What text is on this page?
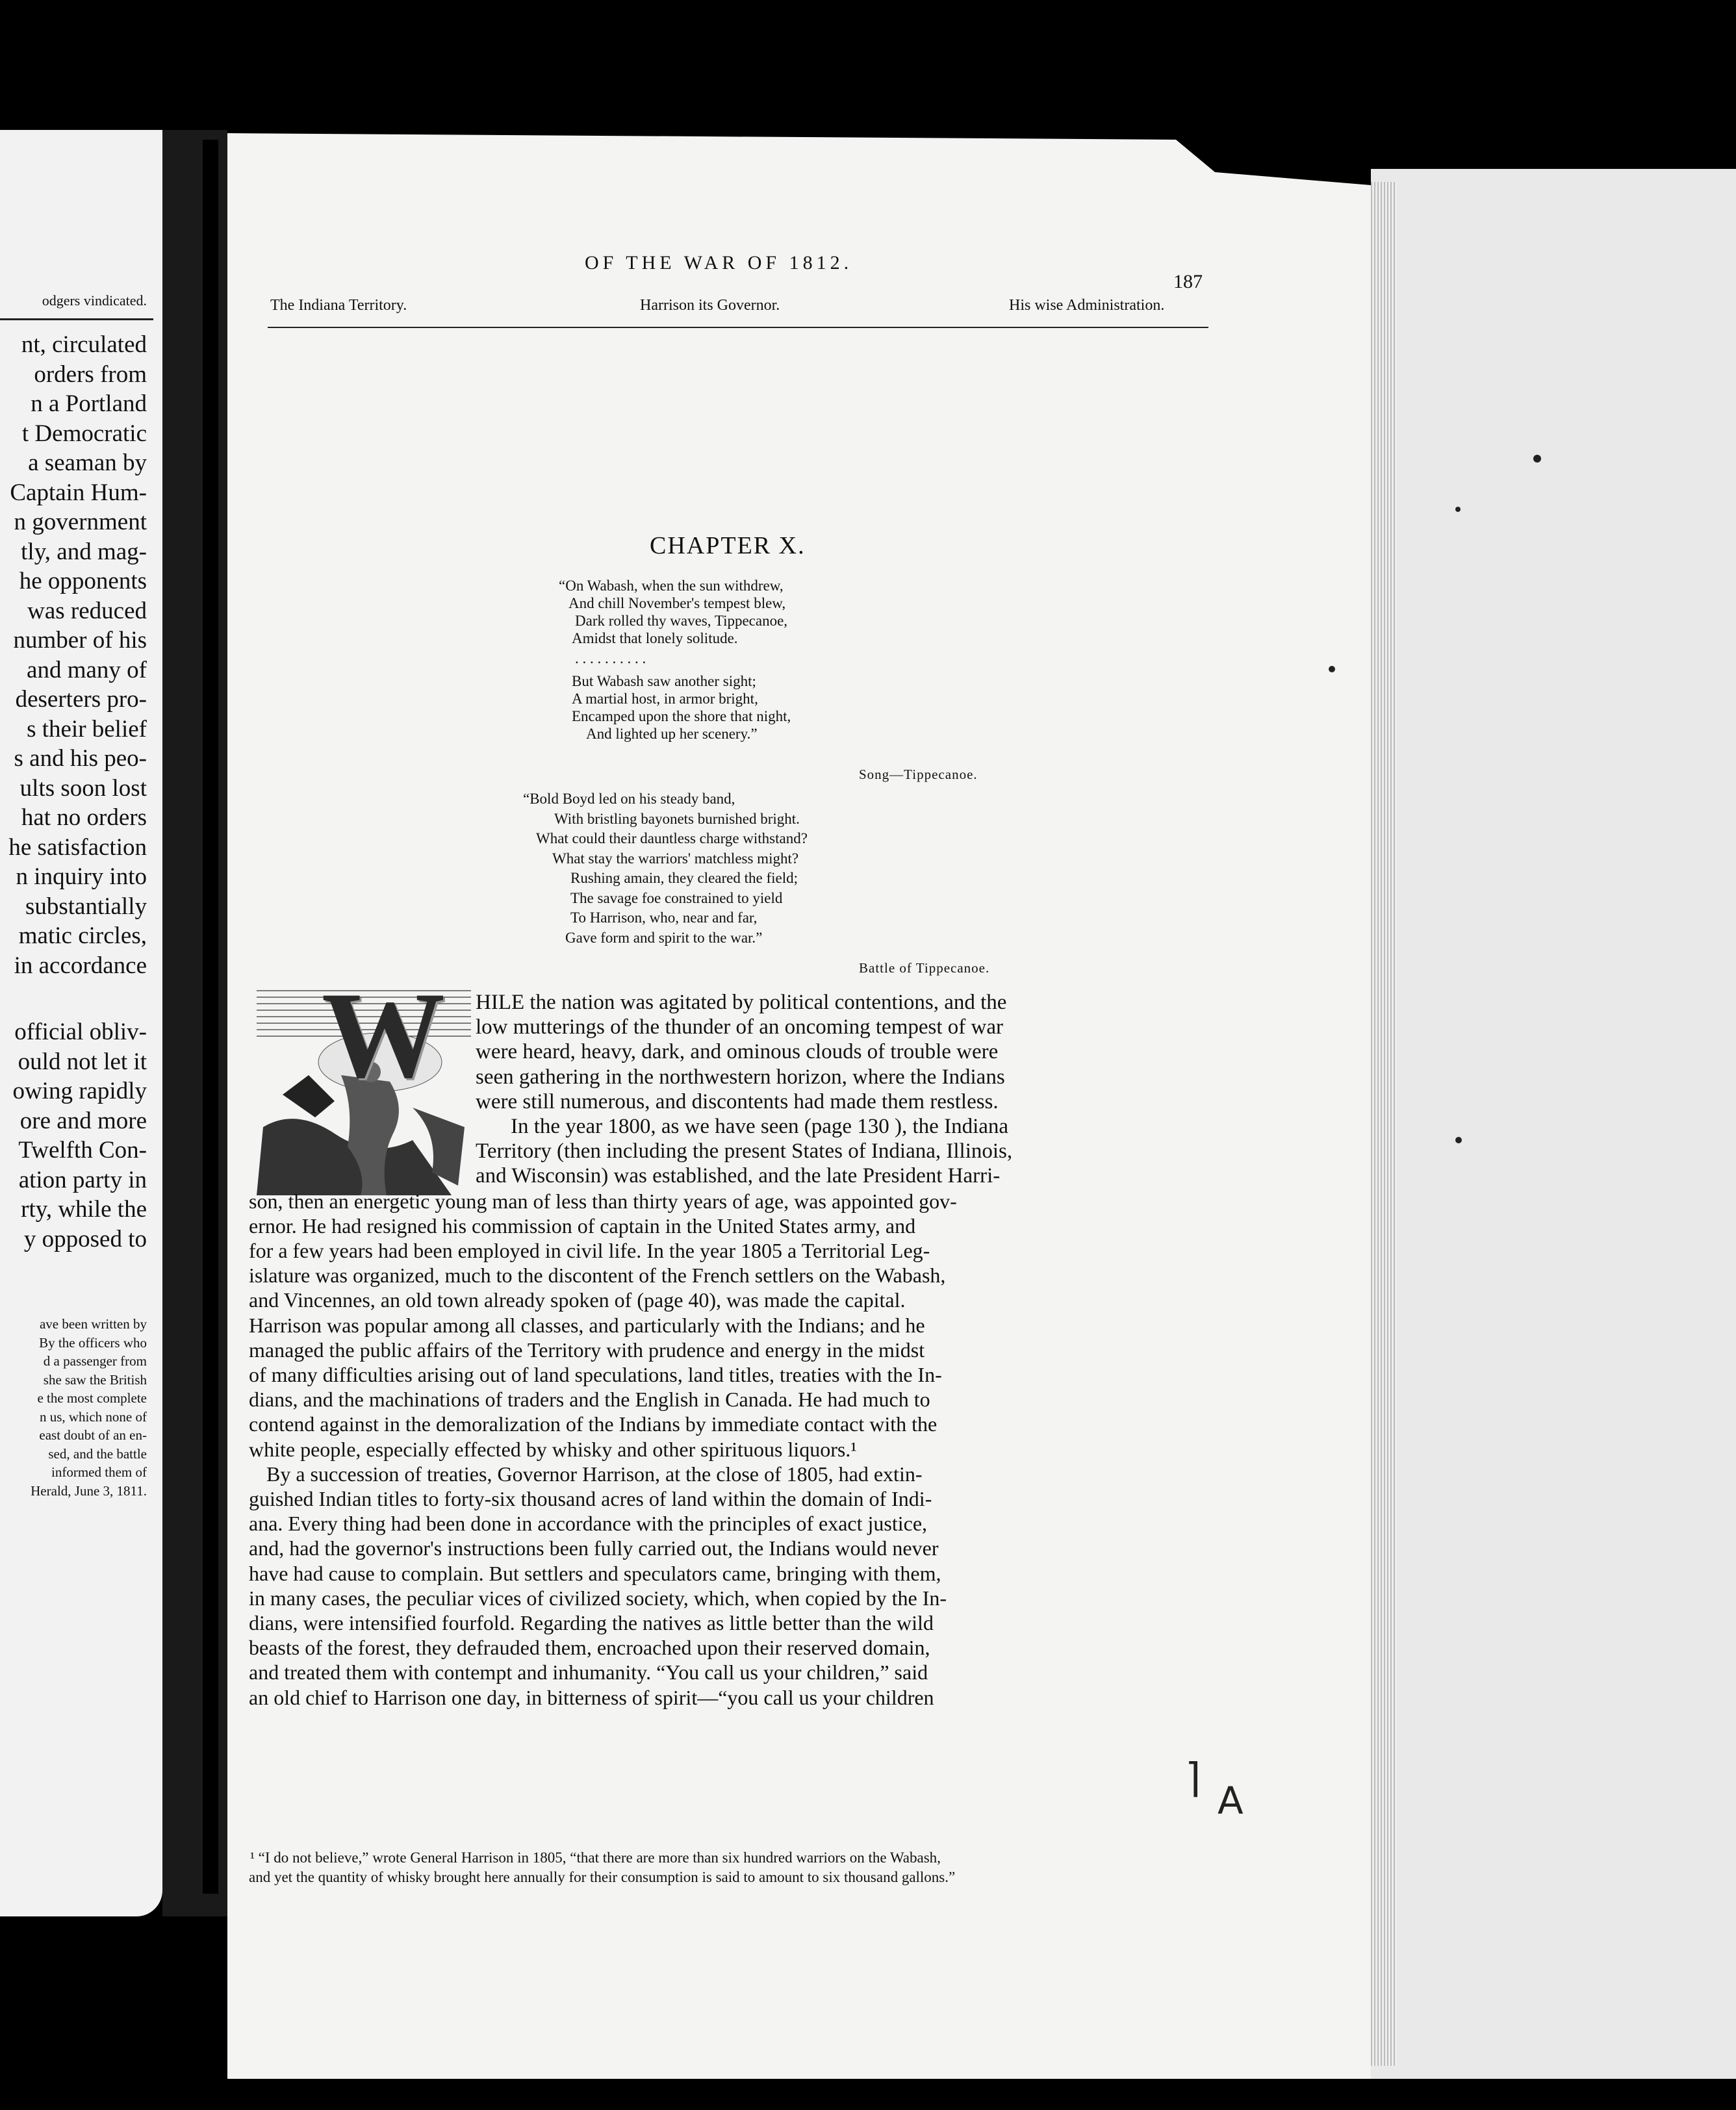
odgers vindicated.
nt, circulated
orders from
n a Portland
t Democratic
a seaman by
Captain Hum-
n government
tly, and mag-
he opponents
was reduced
number of his
and many of
deserters pro-
s their belief
s and his peo-
ults soon lost
hat no orders
he satisfaction
n inquiry into
substantially
matic circles,
in accordance
official obliv-
ould not let it
owing rapidly
ore and more
Twelfth Con-
ation party in
rty, while the
y opposed to
ave been written by
By the officers who
d a passenger from
she saw the British
e the most complete
n us, which none of
east doubt of an en-
sed, and the battle
informed them of
Herald, June 3, 1811.
OF THE WAR OF 1812.
187
The Indiana Territory.	Harrison its Governor.	His wise Administration.
CHAPTER X.
“On Wabash, when the sun withdrew,
And chill November's tempest blew,
Dark rolled thy waves, Tippecanoe,
Amidst that lonely solitude.
. . . . . . . . . .
But Wabash saw another sight;
A martial host, in armor bright,
Encamped upon the shore that night,
And lighted up her scenery.”
Song—Tippecanoe.
“Bold Boyd led on his steady band,
With bristling bayonets burnished bright.
What could their dauntless charge withstand?
What stay the warriors' matchless might?
Rushing amain, they cleared the field;
The savage foe constrained to yield
To Harrison, who, near and far,
Gave form and spirit to the war.”
Battle of Tippecanoe.
W HILE the nation was agitated by political contentions, and the
low mutterings of the thunder of an oncoming tempest of war
were heard, heavy, dark, and ominous clouds of trouble were
seen gathering in the northwestern horizon, where the Indians
were still numerous, and discontents had made them restless.
In the year 1800, as we have seen (page 130 ), the Indiana
Territory (then including the present States of Indiana, Illinois,
and Wisconsin) was established, and the late President Harri-
son, then an energetic young man of less than thirty years of age, was appointed gov-
ernor. He had resigned his commission of captain in the United States army, and
for a few years had been employed in civil life. In the year 1805 a Territorial Leg-
islature was organized, much to the discontent of the French settlers on the Wabash,
and Vincennes, an old town already spoken of (page 40), was made the capital.
Harrison was popular among all classes, and particularly with the Indians; and he
managed the public affairs of the Territory with prudence and energy in the midst
of many difficulties arising out of land speculations, land titles, treaties with the In-
dians, and the machinations of traders and the English in Canada. He had much to
contend against in the demoralization of the Indians by immediate contact with the
white people, especially effected by whisky and other spirituous liquors.¹
By a succession of treaties, Governor Harrison, at the close of 1805, had extin-
guished Indian titles to forty-six thousand acres of land within the domain of Indi-
ana. Every thing had been done in accordance with the principles of exact justice,
and, had the governor's instructions been fully carried out, the Indians would never
have had cause to complain. But settlers and speculators came, bringing with them,
in many cases, the peculiar vices of civilized society, which, when copied by the In-
dians, were intensified fourfold. Regarding the natives as little better than the wild
beasts of the forest, they defrauded them, encroached upon their reserved domain,
and treated them with contempt and inhumanity. “You call us your children,” said
an old chief to Harrison one day, in bitterness of spirit—“you call us your children
¹ “I do not believe,” wrote General Harrison in 1805, “that there are more than six hundred warriors on the Wabash,
and yet the quantity of whisky brought here annually for their consumption is said to amount to six thousand gallons.”
A
⌉
